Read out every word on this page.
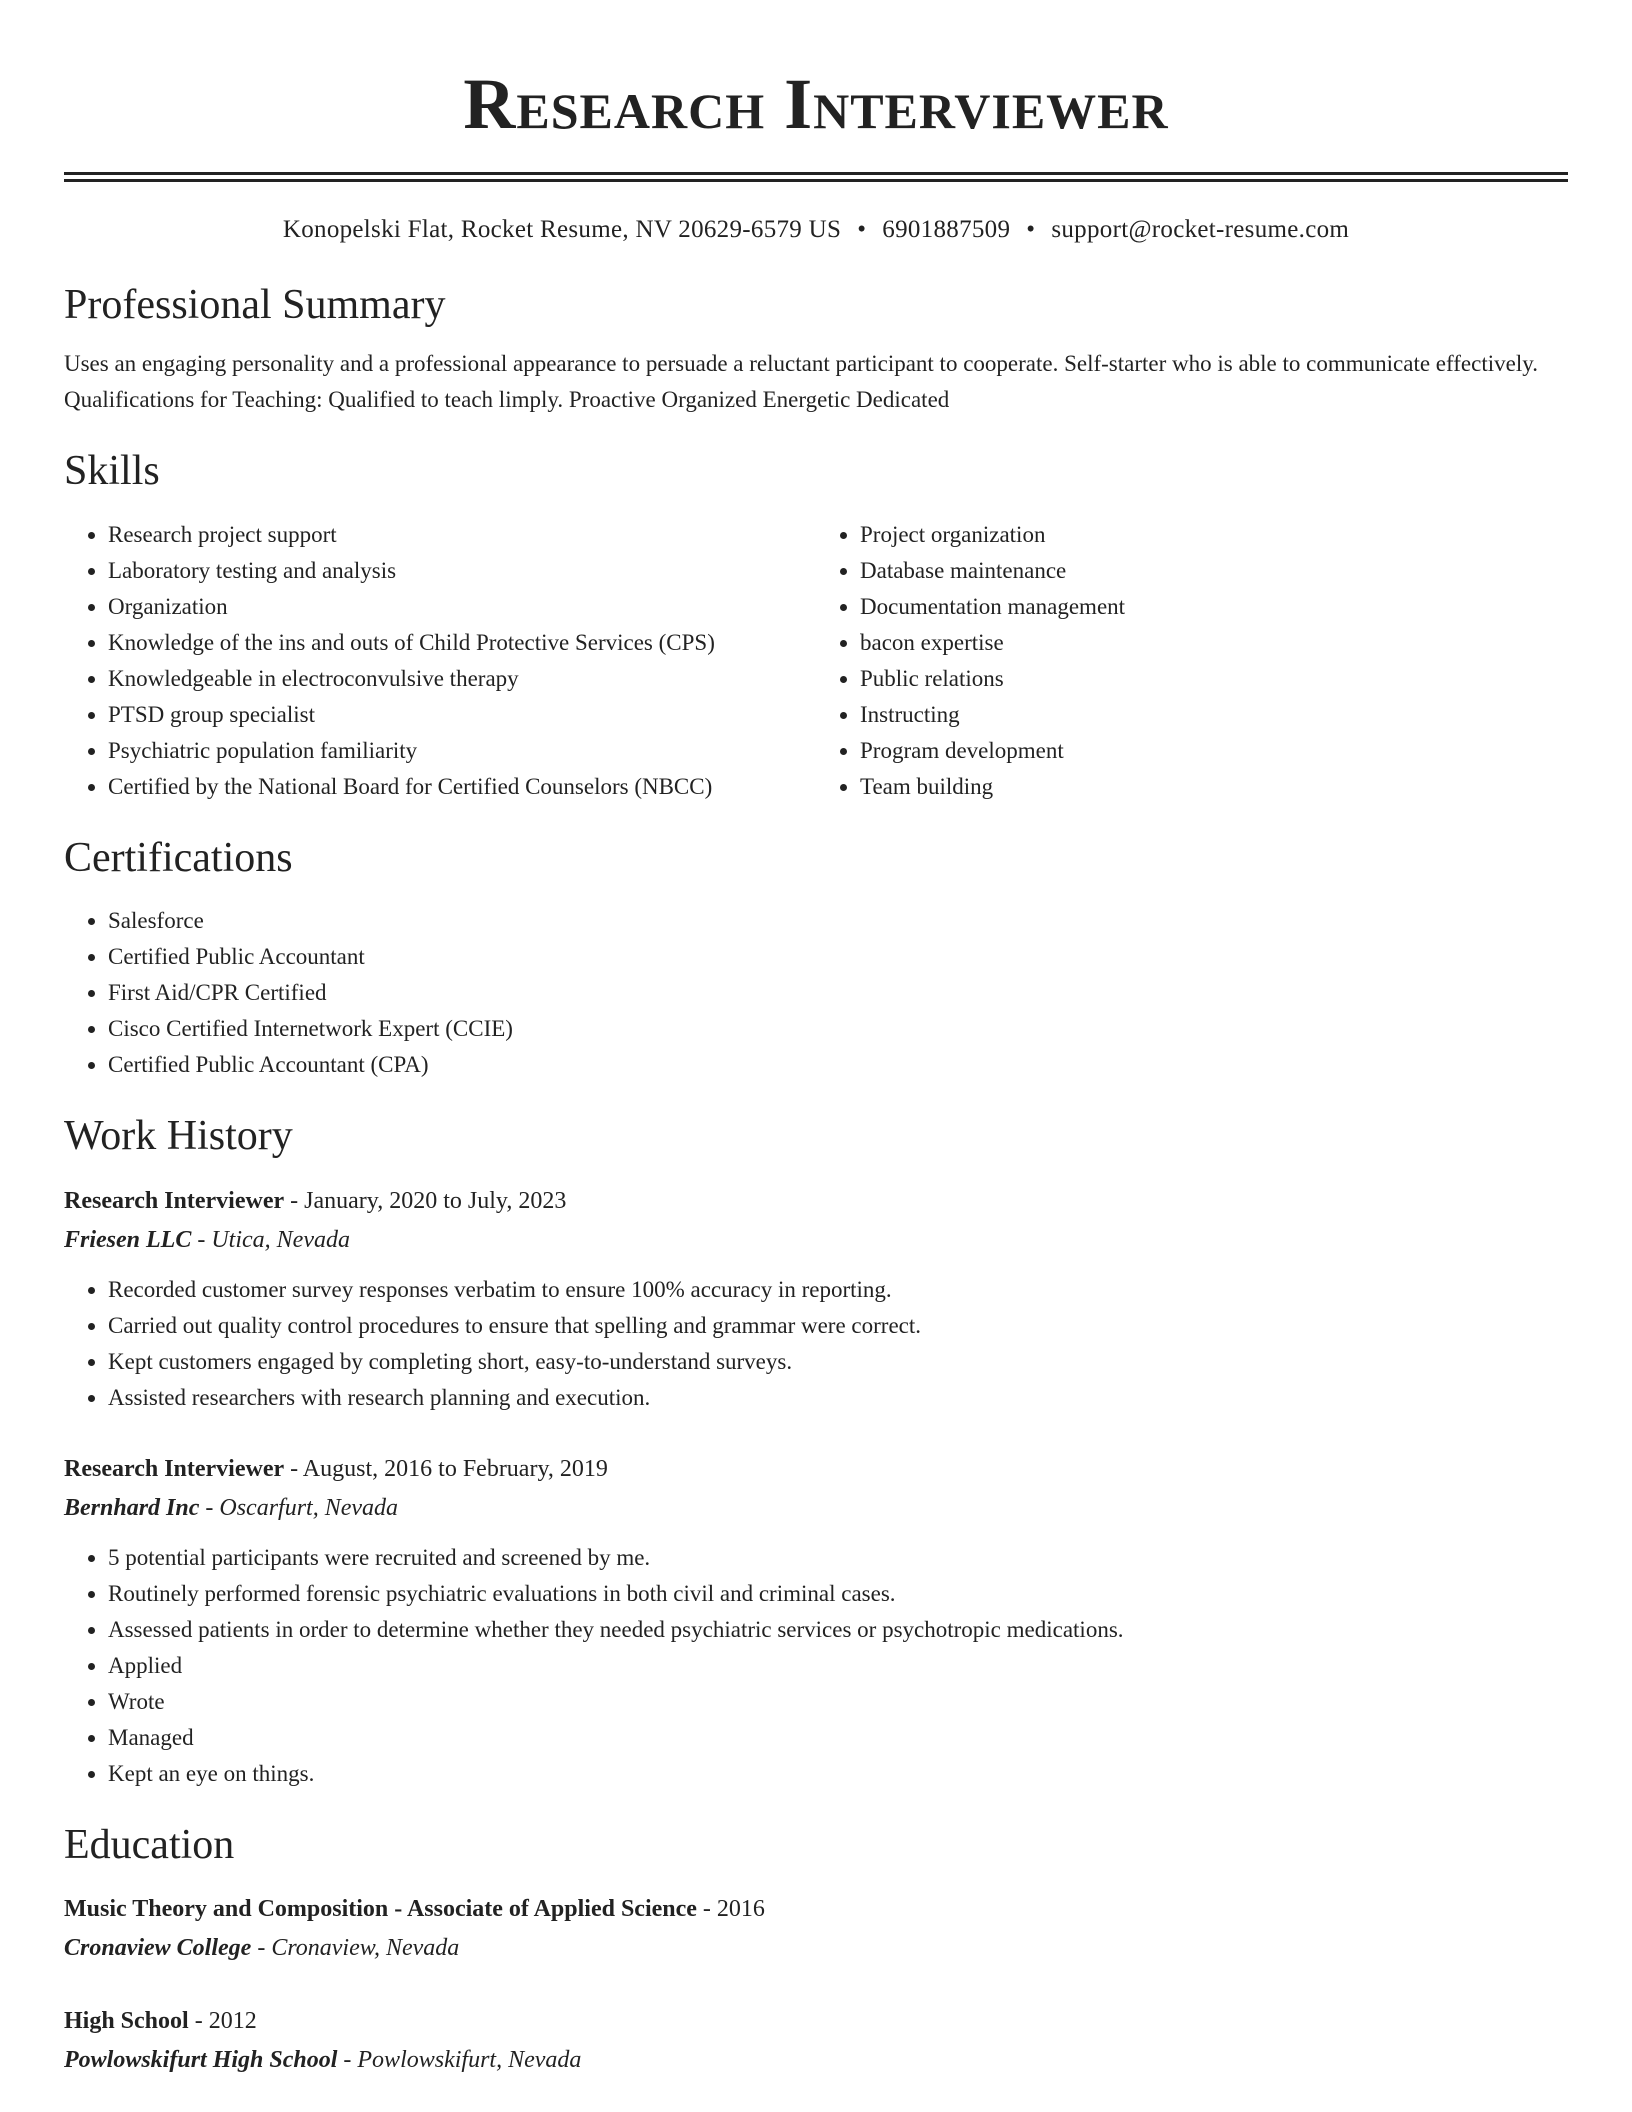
Research Interviewer
Konopelski Flat, Rocket Resume, NV 20629-6579 US • 6901887509 • support@rocket-resume.com
Professional Summary
Uses an engaging personality and a professional appearance to persuade a reluctant participant to cooperate. Self-starter who is able to communicate effectively. Qualifications for Teaching: Qualified to teach limply. Proactive Organized Energetic Dedicated
Skills
• Research project support
• Laboratory testing and analysis
• Organization
• Knowledge of the ins and outs of Child Protective Services (CPS)
• Knowledgeable in electroconvulsive therapy
• PTSD group specialist
• Psychiatric population familiarity
• Certified by the National Board for Certified Counselors (NBCC)
• Project organization
• Database maintenance
• Documentation management
• bacon expertise
• Public relations
• Instructing
• Program development
• Team building
Certifications
• Salesforce
• Certified Public Accountant
• First Aid/CPR Certified
• Cisco Certified Internetwork Expert (CCIE)
• Certified Public Accountant (CPA)
Work History
Research Interviewer - January, 2020 to July, 2023
Friesen LLC - Utica, Nevada
• Recorded customer survey responses verbatim to ensure 100% accuracy in reporting.
• Carried out quality control procedures to ensure that spelling and grammar were correct.
• Kept customers engaged by completing short, easy-to-understand surveys.
• Assisted researchers with research planning and execution.
Research Interviewer - August, 2016 to February, 2019
Bernhard Inc - Oscarfurt, Nevada
• 5 potential participants were recruited and screened by me.
• Routinely performed forensic psychiatric evaluations in both civil and criminal cases.
• Assessed patients in order to determine whether they needed psychiatric services or psychotropic medications.
• Applied
• Wrote
• Managed
• Kept an eye on things.
Education
Music Theory and Composition - Associate of Applied Science - 2016
Cronaview College - Cronaview, Nevada
High School - 2012
Powlowskifurt High School - Powlowskifurt, Nevada
